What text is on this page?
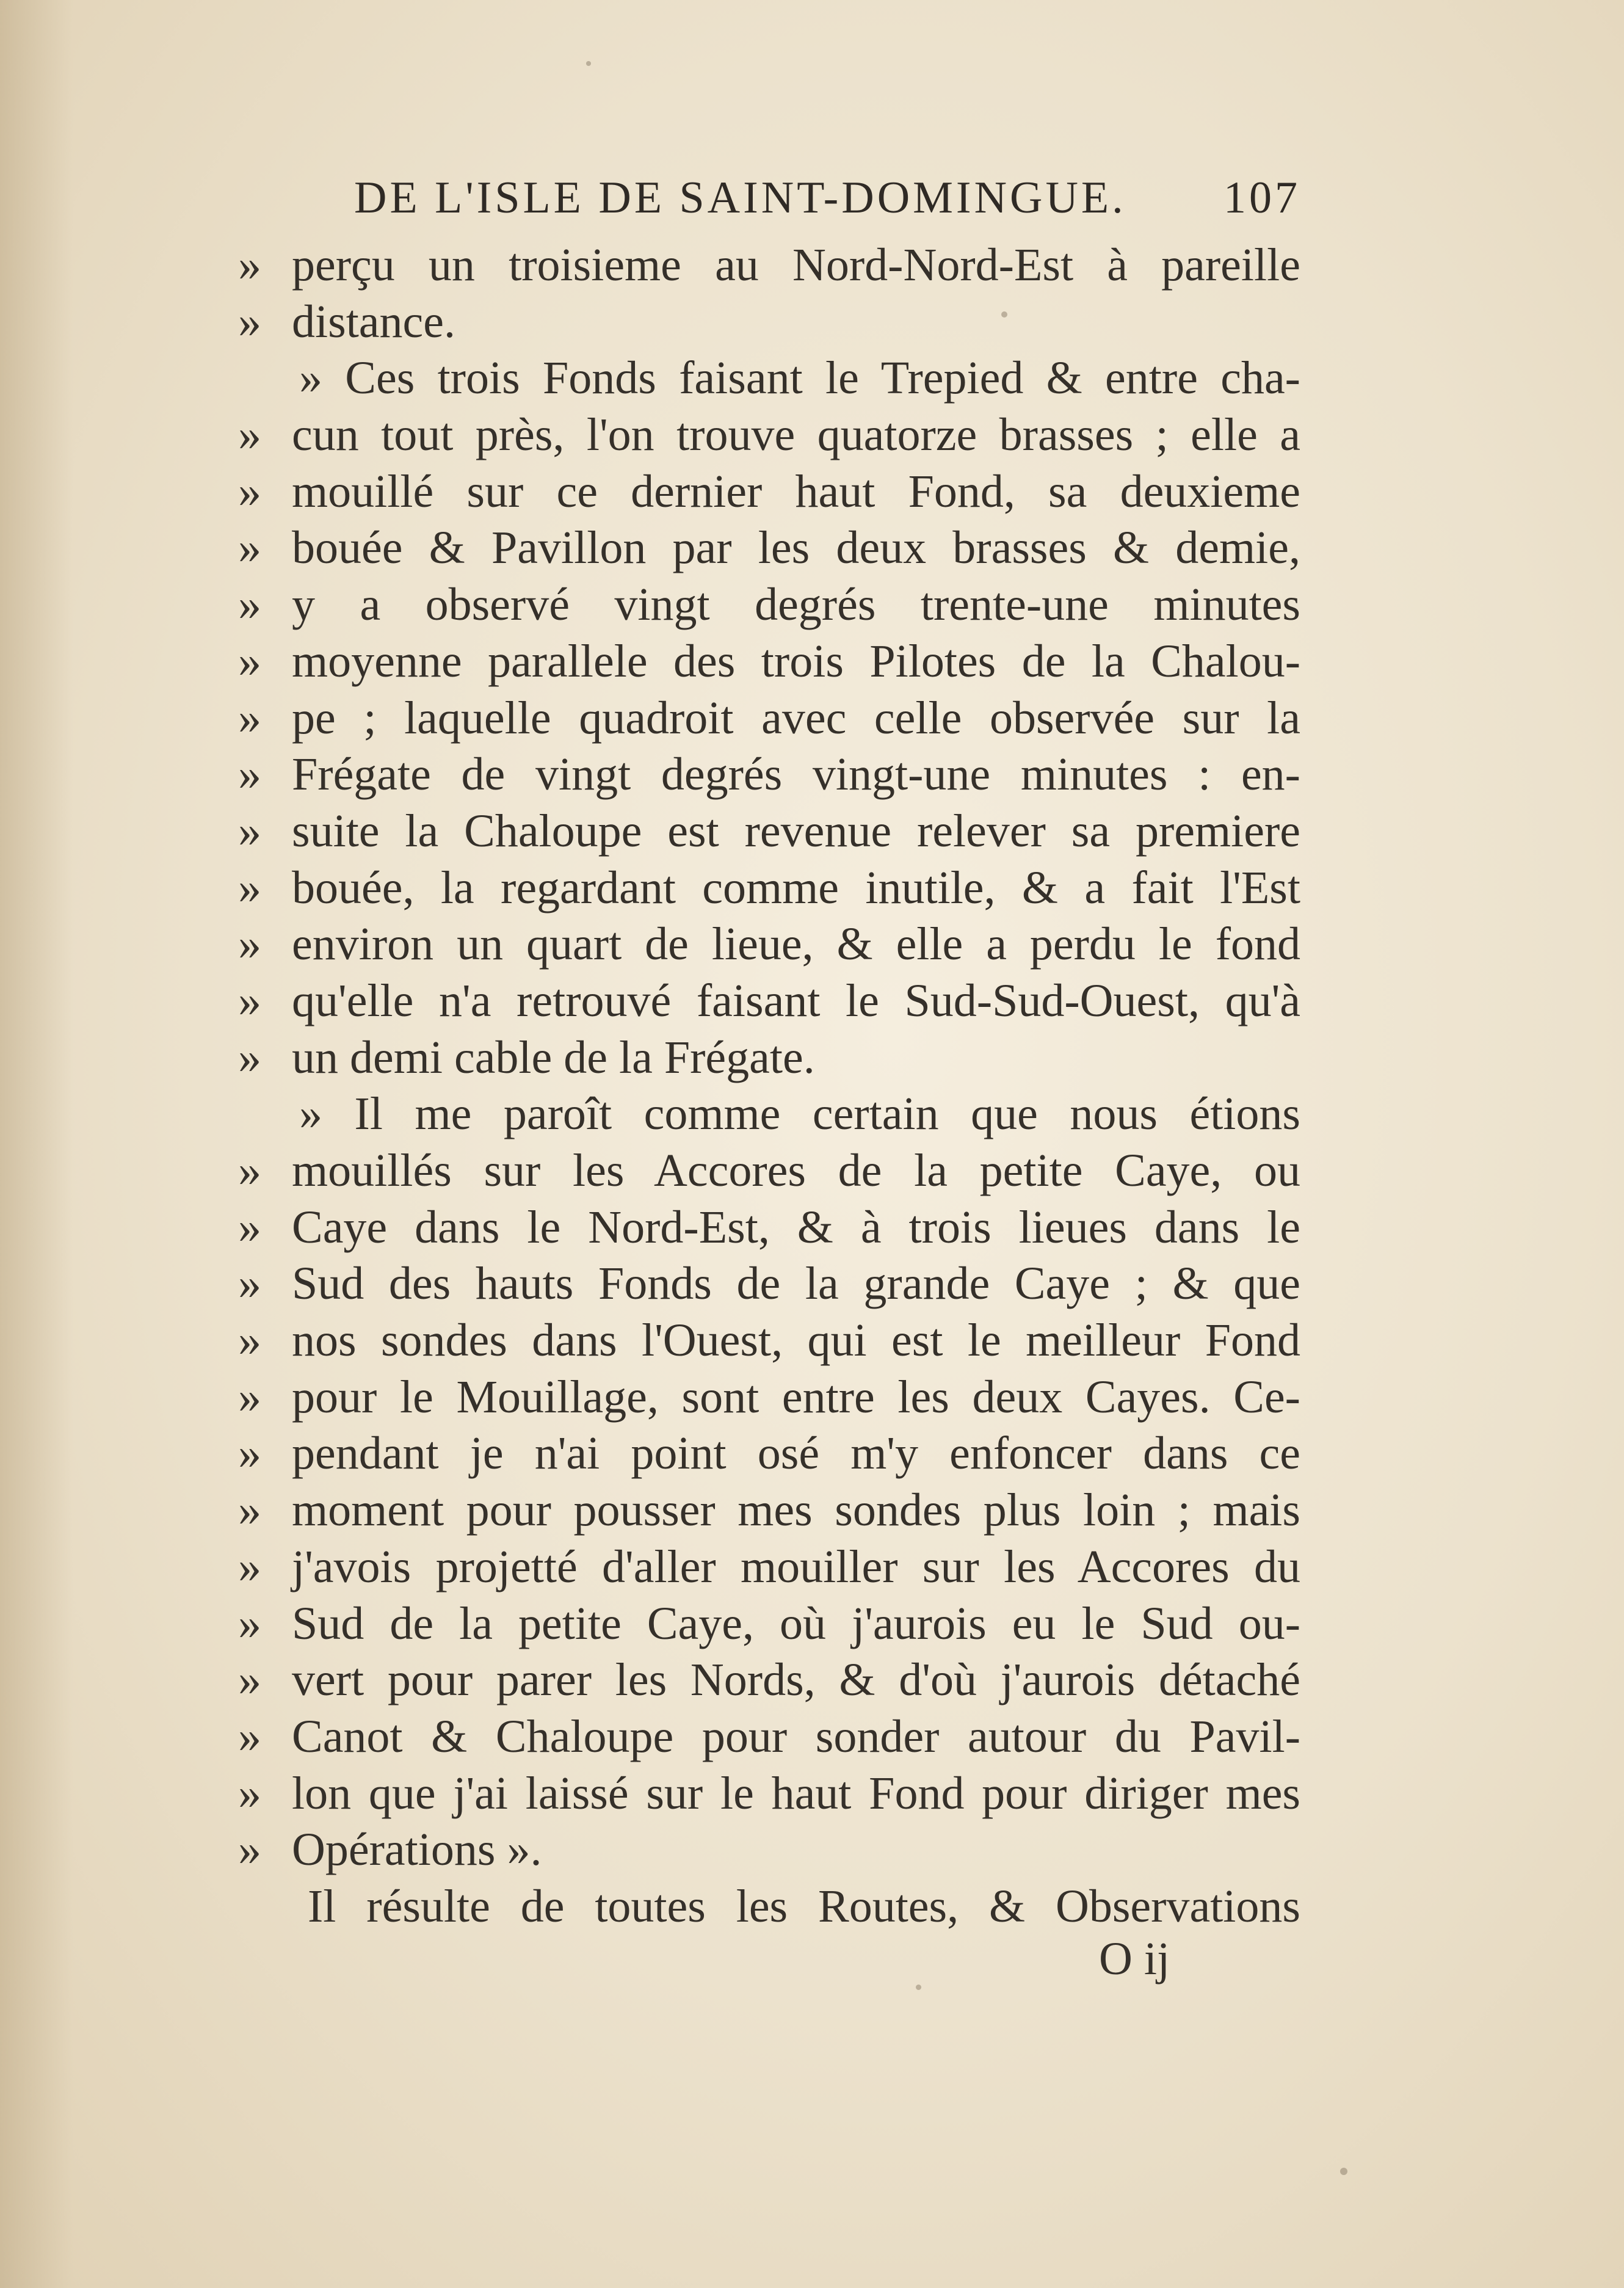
DE L'ISLE DE SAINT-DOMINGUE. 107
» perçu un troisieme au Nord-Nord-Est à pareille
» distance.
» Ces trois Fonds faisant le Trepied & entre cha-
» cun tout près, l'on trouve quatorze brasses ; elle a
» mouillé sur ce dernier haut Fond, sa deuxieme
» bouée & Pavillon par les deux brasses & demie,
» y a observé vingt degrés trente-une minutes
» moyenne parallele des trois Pilotes de la Chalou-
» pe ; laquelle quadroit avec celle observée sur la
» Frégate de vingt degrés vingt-une minutes : en-
» suite la Chaloupe est revenue relever sa premiere
» bouée, la regardant comme inutile, & a fait l'Est
» environ un quart de lieue, & elle a perdu le fond
» qu'elle n'a retrouvé faisant le Sud-Sud-Ouest, qu'à
» un demi cable de la Frégate.
» Il me paroît comme certain que nous étions
» mouillés sur les Accores de la petite Caye, ou
» Caye dans le Nord-Est, & à trois lieues dans le
» Sud des hauts Fonds de la grande Caye ; & que
» nos sondes dans l'Ouest, qui est le meilleur Fond
» pour le Mouillage, sont entre les deux Cayes. Ce-
» pendant je n'ai point osé m'y enfoncer dans ce
» moment pour pousser mes sondes plus loin ; mais
» j'avois projetté d'aller mouiller sur les Accores du
» Sud de la petite Caye, où j'aurois eu le Sud ou-
» vert pour parer les Nords, & d'où j'aurois détaché
» Canot & Chaloupe pour sonder autour du Pavil-
» lon que j'ai laissé sur le haut Fond pour diriger mes
» Opérations ».
Il résulte de toutes les Routes, & Observations
O ij
